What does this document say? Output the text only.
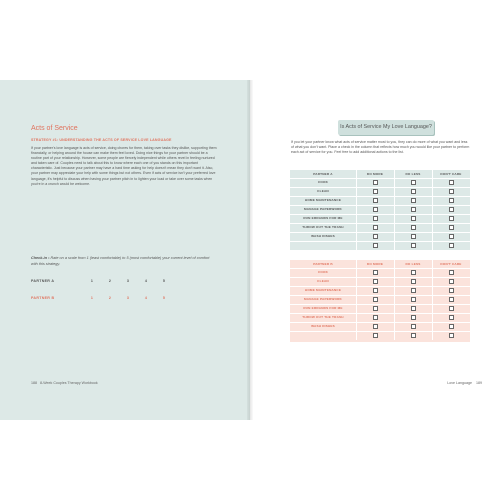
Acts of Service
STRATEGY #1: UNDERSTANDING THE ACTS OF SERVICE LOVE LANGUAGE
If your partner's love language is acts of service, doing chores for them, taking over tasks they dislike, supporting them financially, or helping around the house can make them feel loved. Doing nice things for your partner should be a routine part of your relationship. However, some people are fiercely independent while others revel in feeling nurtured and taken care of. Couples need to talk about this to know where each one of you stands on this important characteristic. Just because your partner may have a hard time asking for help doesn't mean they don't want it. Also, your partner may appreciate your help with some things but not others. Even if acts of service isn't your preferred love language, it's helpful to discuss when having your partner pitch in to lighten your load or take over some tasks when you're in a crunch would be welcome.
Check-in • Rate on a scale from 1 (least comfortable) to 5 (most comfortable) your current level of comfort with this strategy.
PARTNER A	1	2	3	4	5
PARTNER B	1	2	3	4	5
188 8-Week Couples Therapy Workbook
Is Acts of Service My Love Language?
If you let your partner know what acts of service matter most to you, they can do more of what you want and less of what you don't want. Place a check in the column that reflects how much you would like your partner to perform each act of service for you. Feel free to add additional actions to the list.
PARTNER A	DO MORE	DO LESS	DON'T CARE
COOK
CLEAN
HOME MAINTENANCE
MANAGE PAPERWORK
RUN ERRANDS FOR ME
THROW OUT THE TRASH
WASH DISHES
PARTNER B	DO MORE	DO LESS	DON'T CARE
COOK
CLEAN
HOME MAINTENANCE
MANAGE PAPERWORK
RUN ERRANDS FOR ME
THROW OUT THE TRASH
WASH DISHES
Love Language 189
